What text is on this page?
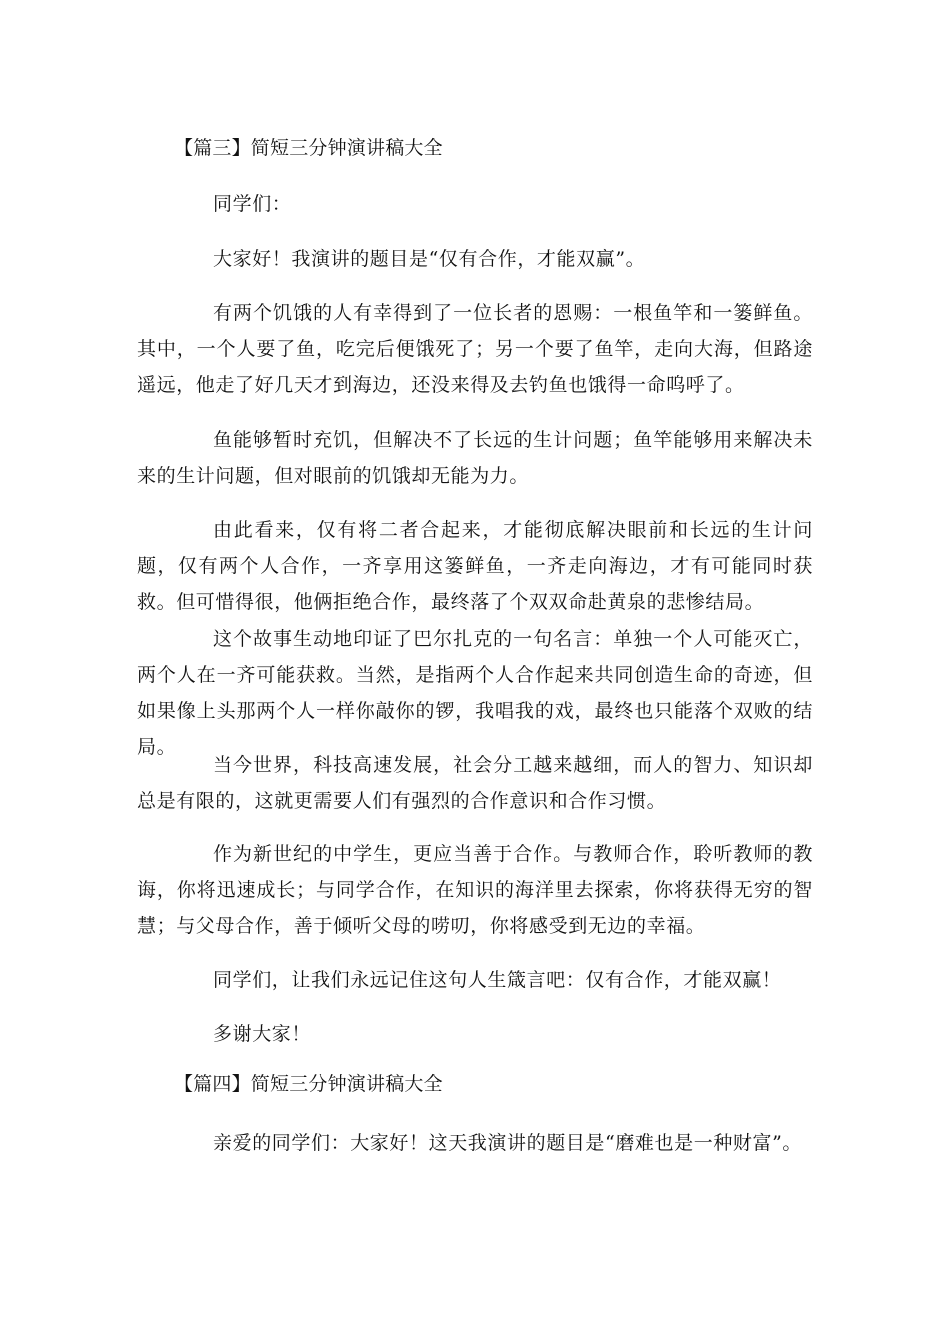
【篇三】简短三分钟演讲稿大全
同学们：
大家好！我演讲的题目是“仅有合作，才能双赢”。
有两个饥饿的人有幸得到了一位长者的恩赐：一根鱼竿和一篓鲜鱼。其中，一个人要了鱼，吃完后便饿死了；另一个要了鱼竿，走向大海，但路途遥远，他走了好几天才到海边，还没来得及去钓鱼也饿得一命呜呼了。
鱼能够暂时充饥，但解决不了长远的生计问题；鱼竿能够用来解决未来的生计问题，但对眼前的饥饿却无能为力。
由此看来，仅有将二者合起来，才能彻底解决眼前和长远的生计问题，仅有两个人合作，一齐享用这篓鲜鱼，一齐走向海边，才有可能同时获救。但可惜得很，他俩拒绝合作，最终落了个双双命赴黄泉的悲惨结局。
这个故事生动地印证了巴尔扎克的一句名言：单独一个人可能灭亡，两个人在一齐可能获救。当然，是指两个人合作起来共同创造生命的奇迹，但如果像上头那两个人一样你敲你的锣，我唱我的戏，最终也只能落个双败的结局。
当今世界，科技高速发展，社会分工越来越细，而人的智力、知识却总是有限的，这就更需要人们有强烈的合作意识和合作习惯。
作为新世纪的中学生，更应当善于合作。与教师合作，聆听教师的教诲，你将迅速成长；与同学合作，在知识的海洋里去探索，你将获得无穷的智慧；与父母合作，善于倾听父母的唠叨，你将感受到无边的幸福。
同学们，让我们永远记住这句人生箴言吧：仅有合作，才能双赢！
多谢大家！
【篇四】简短三分钟演讲稿大全
亲爱的同学们：大家好！这天我演讲的题目是“磨难也是一种财富”。
